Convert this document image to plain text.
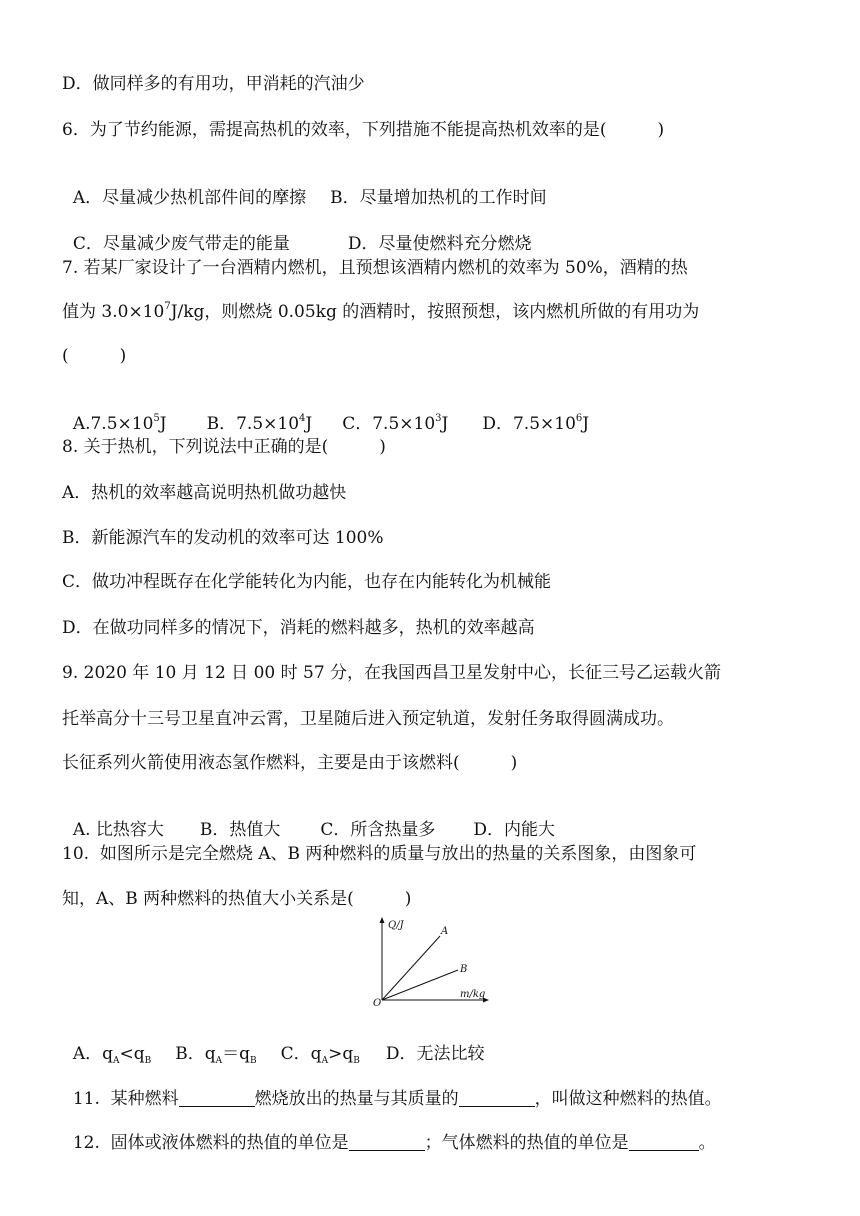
D．做同样多的有用功，甲消耗的汽油少
6．为了节约能源，需提高热机的效率，下列措施不能提高热机效率的是(　　　)

A．尽量减少热机部件间的摩擦 B．尽量增加热机的工作时间

C．尽量减少废气带走的能量	D．尽量使燃料充分燃烧

7. 若某厂家设计了一台酒精内燃机，且预想该酒精内燃机的效率为 50%，酒精的热
值为 $3.0\times 10^7J/kg$，则燃烧 0.05kg 的酒精时，按照预想，该内燃机所做的有用功为
(　　　)

$A.7.5\times 10^5J$ B．$7.5\times 10^4J$ C．$7.5\times 10^3J$ D．$7.5\times 10^6J$

8. 关于热机，下列说法中正确的是(　　　)
A．热机的效率越高说明热机做功越快
B．新能源汽车的发动机的效率可达 100%
C．做功冲程既存在化学能转化为内能，也存在内能转化为机械能
D．在做功同样多的情况下，消耗的燃料越多，热机的效率越高
9. 2020 年 10 月 12 日 00 时 57 分，在我国西昌卫星发射中心，长征三号乙运载火箭
托举高分十三号卫星直冲云霄，卫星随后进入预定轨道，发射任务取得圆满成功。
长征系列火箭使用液态氢作燃料，主要是由于该燃料(　　　)

A. 比热容大 B．热值大 C．所含热量多 D．内能大

10.  如图所示是完全燃烧 A、B 两种燃料的质量与放出的热量的关系图象，由图象可
知，A、B 两种燃料的热值大小关系是(　　　)
Q/J
A
B
O
m/kg

A．$q_A<q_B$ B．$q_A=q_B$ C．$q_A>q_B$ D．无法比较

11.  某种燃料	燃烧放出的热量与其质量的	，叫做这种燃料的热值。

12.  固体或液体燃料的热值的单位是	；气体燃料的热值的单位是	。
